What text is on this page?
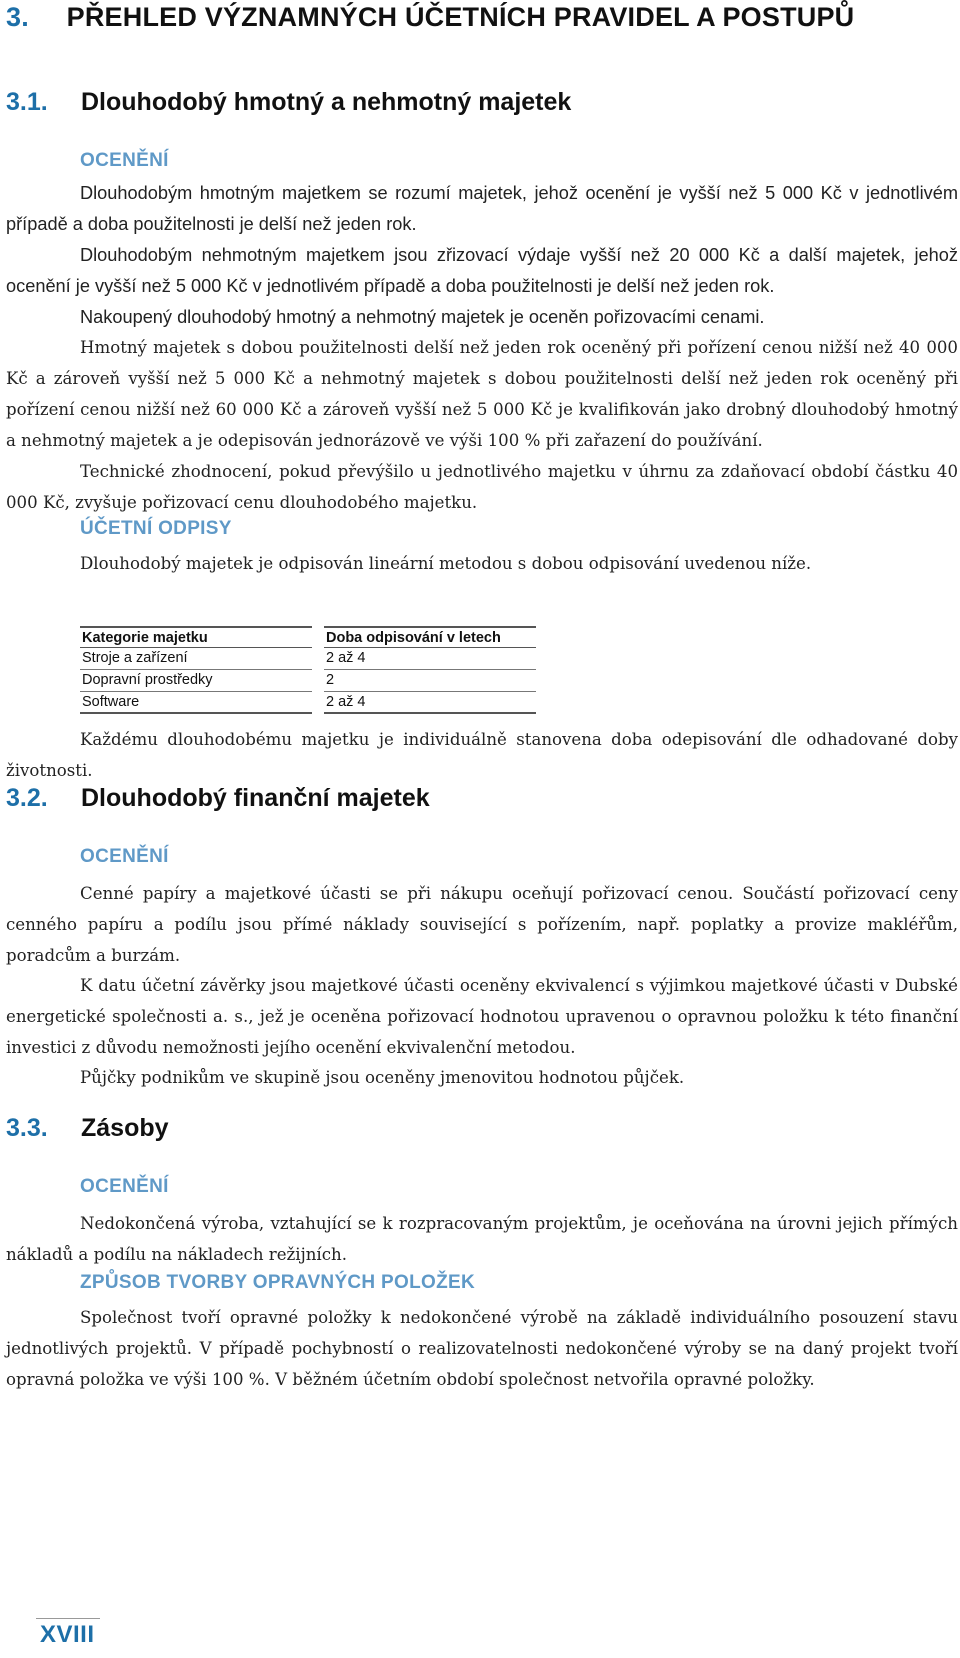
3. PŘEHLED VÝZNAMNÝCH ÚČETNÍCH PRAVIDEL A POSTUPŮ
3.1. Dlouhodobý hmotný a nehmotný majetek
OCENĚNÍ

Dlouhodobým hmotným majetkem se rozumí majetek, jehož ocenění je vyšší než 5 000 Kč v jednotlivém případě a doba použitelnosti je delší než jeden rok.

Dlouhodobým nehmotným majetkem jsou zřizovací výdaje vyšší než 20 000 Kč a další majetek, jehož ocenění je vyšší než 5 000 Kč v jednotlivém případě a doba použitelnosti je delší než jeden rok.

Nakoupený dlouhodobý hmotný a nehmotný majetek je oceněn pořizovacími cenami.

Hmotný majetek s dobou použitelnosti delší než jeden rok oceněný při pořízení cenou nižší než 40 000 Kč a zároveň vyšší než 5 000 Kč a nehmotný majetek s dobou použitelnosti delší než jeden rok oceněný při pořízení cenou nižší než 60 000 Kč a zároveň vyšší než 5 000 Kč je kvalifikován jako drobný dlouhodobý hmotný a nehmotný majetek a je odepisován jednorázově ve výši 100 % při zařazení do používání.

Technické zhodnocení, pokud převýšilo u jednotlivého majetku v úhrnu za zdaňovací období částku 40 000 Kč, zvyšuje pořizovací cenu dlouhodobého majetku.

ÚČETNÍ ODPISY

Dlouhodobý majetek je odpisován lineární metodou s dobou odpisování uvedenou níže.

Kategorie majetku	Doba odpisování v letech
Stroje a zařízení	2 až 4
Dopravní prostředky	2
Software	2 až 4

Každému dlouhodobému majetku je individuálně stanovena doba odepisování dle odhadované doby životnosti.

3.2. Dlouhodobý finanční majetek
OCENĚNÍ

Cenné papíry a majetkové účasti se při nákupu oceňují pořizovací cenou. Součástí pořizovací ceny cenného papíru a podílu jsou přímé náklady související s pořízením, např. poplatky a provize makléřům, poradcům a burzám.

K datu účetní závěrky jsou majetkové účasti oceněny ekvivalencí s výjimkou majetkové účasti v Dubské energetické společnosti a. s., jež je oceněna pořizovací hodnotou upravenou o opravnou položku k této finanční investici z důvodu nemožnosti jejího ocenění ekvivalenční metodou.

Půjčky podnikům ve skupině jsou oceněny jmenovitou hodnotou půjček.

3.3. Zásoby
OCENĚNÍ

Nedokončená výroba, vztahující se k rozpracovaným projektům, je oceňována na úrovni jejich přímých nákladů a podílu na nákladech režijních.

ZPŮSOB TVORBY OPRAVNÝCH POLOŽEK

Společnost tvoří opravné položky k nedokončené výrobě na základě individuálního posouzení stavu jednotlivých projektů. V případě pochybností o realizovatelnosti nedokončené výroby se na daný projekt tvoří opravná položka ve výši 100 %. V běžném účetním období společnost netvořila opravné položky.

XVIII
